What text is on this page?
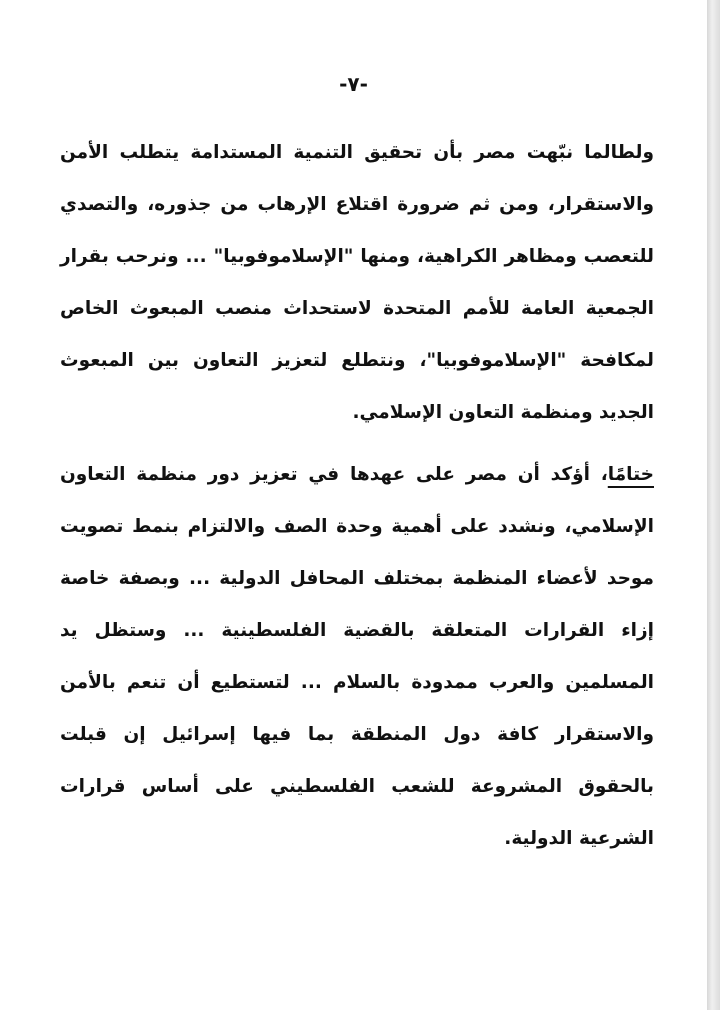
-٧-

ولطالما نبّهت مصر بأن تحقيق التنمية المستدامة يتطلب الأمن والاستقرار، ومن ثم ضرورة اقتلاع الإرهاب من جذوره، والتصدي للتعصب ومظاهر الكراهية، ومنها "الإسلاموفوبيا" ... ونرحب بقرار الجمعية العامة للأمم المتحدة لاستحداث منصب المبعوث الخاص لمكافحة "الإسلاموفوبيا"، ونتطلع لتعزيز التعاون بين المبعوث الجديد ومنظمة التعاون الإسلامي.

ختامًا، أؤكد أن مصر على عهدها في تعزيز دور منظمة التعاون الإسلامي، ونشدد على أهمية وحدة الصف والالتزام بنمط تصويت موحد لأعضاء المنظمة بمختلف المحافل الدولية ... وبصفة خاصة إزاء القرارات المتعلقة بالقضية الفلسطينية ... وستظل يد المسلمين والعرب ممدودة بالسلام ... لتستطيع أن تنعم بالأمن والاستقرار كافة دول المنطقة بما فيها إسرائيل إن قبلت بالحقوق المشروعة للشعب الفلسطيني على أساس قرارات الشرعية الدولية.
